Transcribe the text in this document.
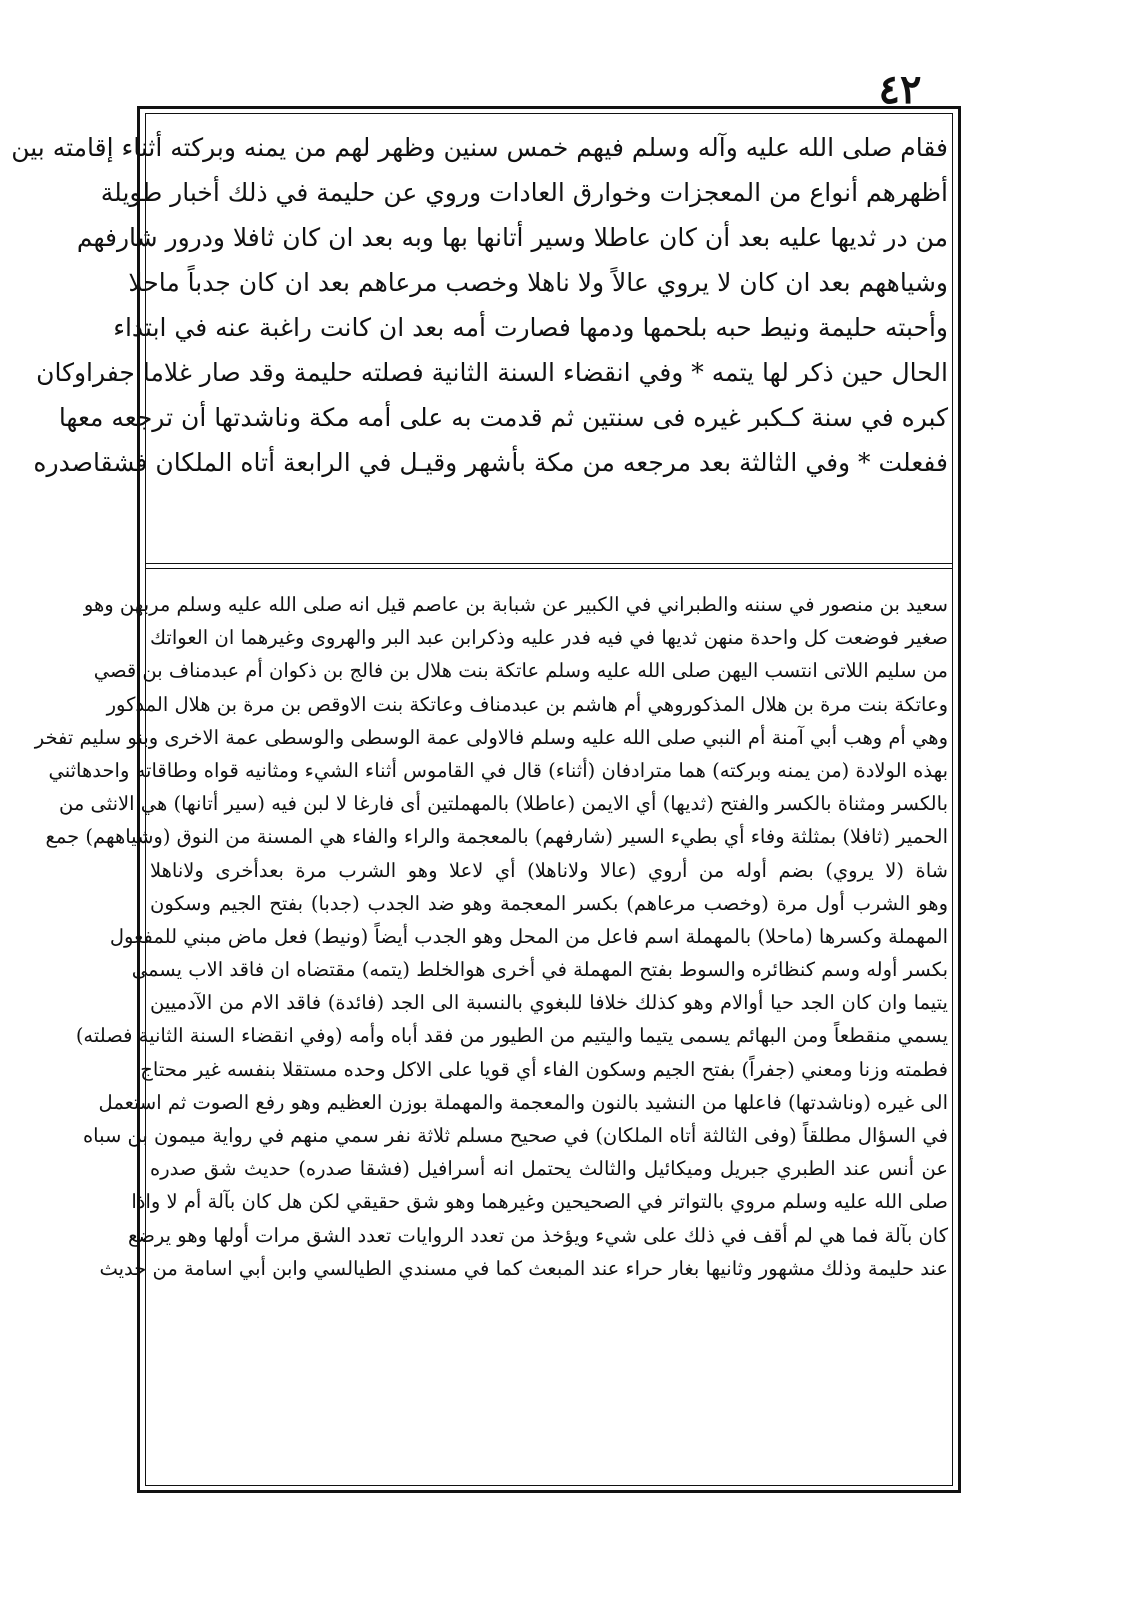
٤٢
فقام صلى الله عليه وآله وسلم فيهم خمس سنين وظهر لهم من يمنه وبركته أثناء إقامته بين
أظهرهم أنواع من المعجزات وخوارق العادات وروي عن حليمة في ذلك أخبار طويلة
من در ثديها عليه بعد أن كان عاطلا وسير أتانها بها وبه بعد ان كان ثافلا ودرور شارفهم
وشياههم بعد ان كان لا يروي عالاً ولا ناهلا وخصب مرعاهم بعد ان كان جدباً ماحلا
وأحبته حليمة ونيط حبه بلحمها ودمها فصارت أمه بعد ان كانت راغبة عنه في ابتداء
الحال حين ذكر لها يتمه * وفي انقضاء السنة الثانية فصلته حليمة وقد صار غلاما جفراوكان
كبره في سنة كـكبر غيره فى سنتين ثم قدمت به على أمه مكة وناشدتها أن ترجعه معها
ففعلت * وفي الثالثة بعد مرجعه من مكة بأشهر وقيـل في الرابعة أتاه الملكان فشقاصدره
سعيد بن منصور في سننه والطبراني في الكبير عن شبابة بن عاصم قيل انه صلى الله عليه وسلم مربهن وهو
صغير فوضعت كل واحدة منهن ثديها في فيه فدر عليه وذكرابن عبد البر والهروى وغيرهما ان العواتك
من سليم اللاتى انتسب اليهن صلى الله عليه وسلم عاتكة بنت هلال بن فالج بن ذكوان أم عبدمناف بن قصي
وعاتكة بنت مرة بن هلال المذكوروهي أم هاشم بن عبدمناف وعاتكة بنت الاوقص بن مرة بن هلال المذكور
وهي أم وهب أبي آمنة أم النبي صلى الله عليه وسلم فالاولى عمة الوسطى والوسطى عمة الاخرى وبنو سليم تفخر
بهذه الولادة (من يمنه وبركته) هما مترادفان (أثناء) قال في القاموس أثناء الشيء ومثانيه قواه وطاقاته واحدهاثني
بالكسر ومثناة بالكسر والفتح (ثديها) أي الايمن (عاطلا) بالمهملتين أى فارغا لا لبن فيه (سير أتانها) هي الانثى من
الحمير (ثافلا) بمثلثة وفاء أي بطيء السير (شارفهم) بالمعجمة والراء والفاء هي المسنة من النوق (وشياههم) جمع
شاة (لا يروي) بضم أوله من أروي (عالا ولاناهلا) أي لاعلا وهو الشرب مرة بعدأخرى ولاناهلا
وهو الشرب أول مرة (وخصب مرعاهم) بكسر المعجمة وهو ضد الجدب (جدبا) بفتح الجيم وسكون
المهملة وكسرها (ماحلا) بالمهملة اسم فاعل من المحل وهو الجدب أيضاً (ونيط) فعل ماض مبني للمفعول
بكسر أوله وسم كنظائره والسوط بفتح المهملة في أخرى هوالخلط (يتمه) مقتضاه ان فاقد الاب يسمى
يتيما وان كان الجد حيا أوالام وهو كذلك خلافا للبغوي بالنسبة الى الجد (فائدة) فاقد الام من الآدميين
يسمي منقطعاً ومن البهائم يسمى يتيما واليتيم من الطيور من فقد أباه وأمه (وفي انقضاء السنة الثانية فصلته)
فطمته وزنا ومعني (جفراً) بفتح الجيم وسكون الفاء أي قويا على الاكل وحده مستقلا بنفسه غير محتاج
الى غيره (وناشدتها) فاعلها من النشيد بالنون والمعجمة والمهملة بوزن العظيم وهو رفع الصوت ثم استعمل
في السؤال مطلقاً (وفى الثالثة أتاه الملكان) في صحيح مسلم ثلاثة نفر سمي منهم في رواية ميمون بن سباه
عن أنس عند الطبري جبريل وميكائيل والثالث يحتمل انه أسرافيل (فشقا صدره) حديث شق صدره
صلى الله عليه وسلم مروي بالتواتر في الصحيحين وغيرهما وهو شق حقيقي لكن هل كان بآلة أم لا واذا
كان بآلة فما هي لم أقف في ذلك على شيء ويؤخذ من تعدد الروايات تعدد الشق مرات أولها وهو يرضع
عند حليمة وذلك مشهور وثانيها بغار حراء عند المبعث كما في مسندي الطيالسي وابن أبي اسامة من حديث
